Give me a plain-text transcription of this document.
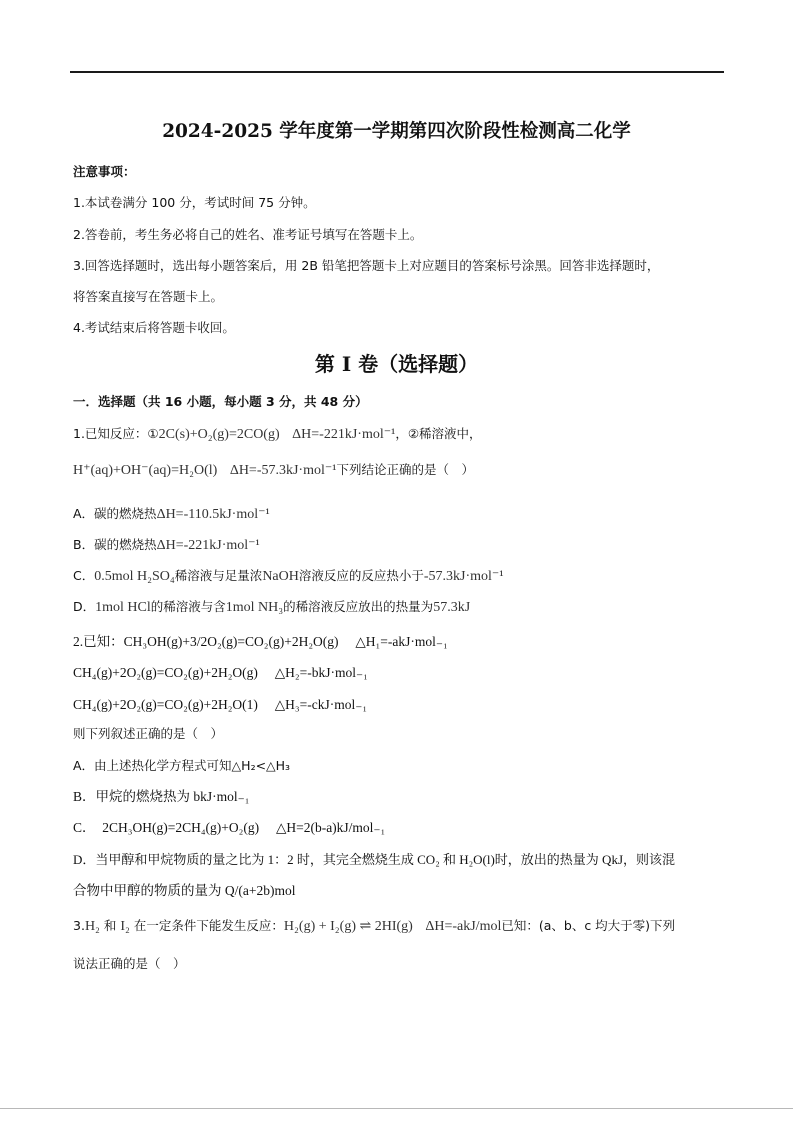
2024-2025 学年度第一学期第四次阶段性检测高二化学
注意事项：
1.本试卷满分 100 分，考试时间 75 分钟。
2.答卷前，考生务必将自己的姓名、准考证号填写在答题卡上。
3.回答选择题时，选出每小题答案后，用 2B 铅笔把答题卡上对应题目的答案标号涂黑。回答非选择题时，
将答案直接写在答题卡上。
4.考试结束后将答题卡收回。
第 Ⅰ 卷（选择题）
一．选择题（共 16 小题，每小题 3 分，共 48 分）
1.已知反应：①2C(s)+O₂(g)=2CO(g)　 ΔH=-221kJ·mol⁻¹，②稀溶液中，
H⁺(aq)+OH⁻(aq)=H₂O(l)　 ΔH=-57.3kJ·mol⁻¹下列结论正确的是（　）
A．碳的燃烧热ΔH=-110.5kJ·mol⁻¹
B．碳的燃烧热ΔH=-221kJ·mol⁻¹
C．0.5mol H₂SO₄稀溶液与足量浓NaOH溶液反应的反应热小于-57.3kJ·mol⁻¹
D．1mol HCl的稀溶液与含1mol NH₃的稀溶液反应放出的热量为57.3kJ
2.已知：CH₃OH(g)+3/2O₂(g)=CO₂(g)+2H₂O(g)　 △H₁=-akJ·mol₋₁
CH₄(g)+2O₂(g)=CO₂(g)+2H₂O(g)　 △H₂=-bkJ·mol₋₁
CH₄(g)+2O₂(g)=CO₂(g)+2H₂O(1)　 △H₃=-ckJ·mol₋₁
则下列叙述正确的是（　）
A．由上述热化学方程式可知△H₂<△H₃
B．甲烷的燃烧热为 bkJ·mol₋₁
C．　2CH₃OH(g)=2CH₄(g)+O₂(g)　 △H=2(b-a)kJ/mol₋₁
D．当甲醇和甲烷物质的量之比为 1：2 时，其完全燃烧生成 CO₂ 和 H₂O(l)时，放出的热量为 QkJ，则该混
合物中甲醇的物质的量为 Q/(a+2b)mol
3.H₂ 和 I₂ 在一定条件下能发生反应：H₂(g) + I₂(g) ⇌ 2HI(g)　 ΔH=-akJ/mol已知：(a、b、c 均大于零)下列
说法正确的是（　）
